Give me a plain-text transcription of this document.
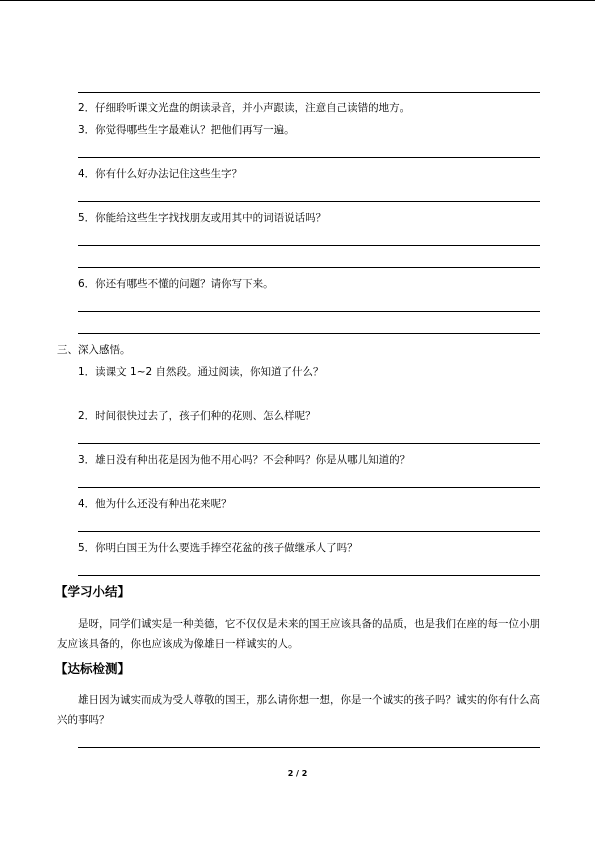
2．仔细聆听课文光盘的朗读录音，并小声跟读，注意自己读错的地方。
3．你觉得哪些生字最难认？把他们再写一遍。
4．你有什么好办法记住这些生字？
5．你能给这些生字找找朋友或用其中的词语说话吗？
6．你还有哪些不懂的问题？请你写下来。
三、深入感悟。
1．读课文 1~2 自然段。通过阅读，你知道了什么？
2．时间很快过去了，孩子们种的花则、怎么样呢？
3．雄日没有种出花是因为他不用心吗？不会种吗？你是从哪儿知道的？
4．他为什么还没有种出花来呢？
5．你明白国王为什么要选手捧空花盆的孩子做继承人了吗？
【学习小结】
是呀，同学们诚实是一种美德，它不仅仅是未来的国王应该具备的品质，也是我们在座的每一位小朋友应该具备的，你也应该成为像雄日一样诚实的人。
【达标检测】
雄日因为诚实而成为受人尊敬的国王，那么请你想一想，你是一个诚实的孩子吗？诚实的你有什么高兴的事吗？
2 / 2
